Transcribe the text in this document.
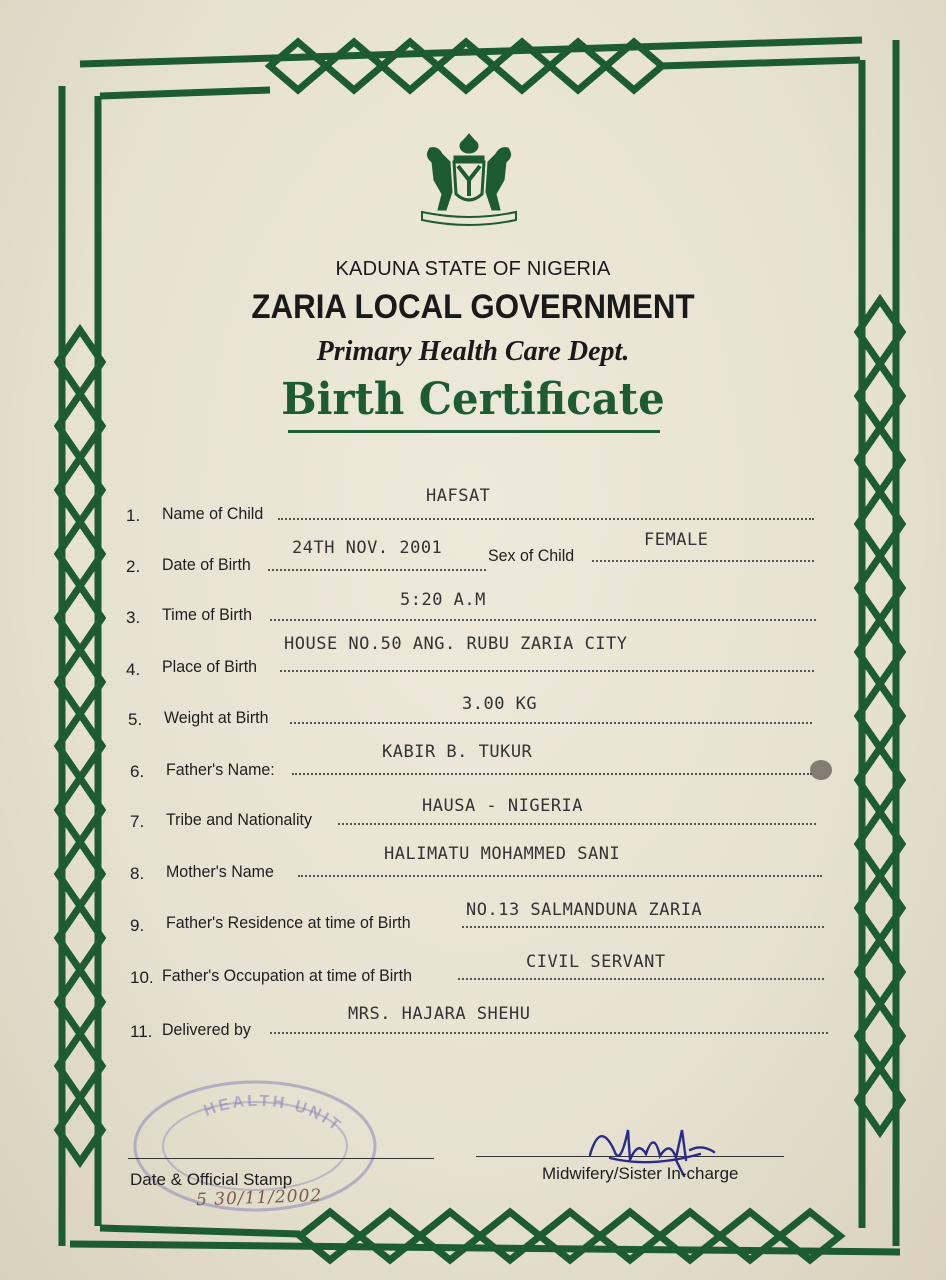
KADUNA STATE OF NIGERIA
ZARIA LOCAL GOVERNMENT
Primary Health Care Dept.
Birth Certificate
1. Name of Child
HAFSAT
2. Date of Birth
24TH NOV. 2001	Sex of Child
FEMALE
3. Time of Birth
5:20 A.M
4. Place of Birth
HOUSE NO.50 ANG. RUBU ZARIA CITY
5. Weight at Birth
3.00 KG
6. Father's Name:
KABIR B. TUKUR
7. Tribe and Nationality
HAUSA - NIGERIA
8. Mother's Name
HALIMATU MOHAMMED SANI
9. Father's Residence at time of Birth
NO.13 SALMANDUNA ZARIA
10. Father's Occupation at time of Birth
CIVIL SERVANT
11. Delivered by
MRS. HAJARA SHEHU
HEALTH UNIT
Date & Official Stamp
5 30/11/2002
Midwifery/Sister In-charge
